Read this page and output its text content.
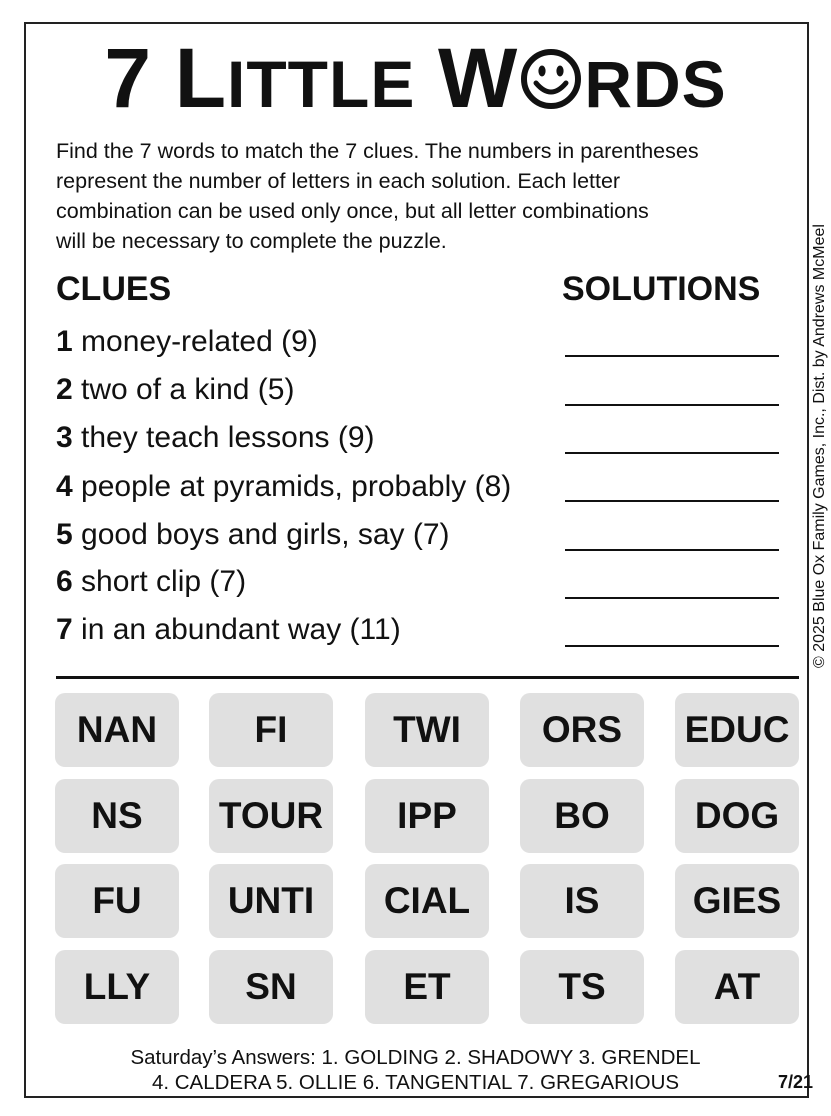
7 LITTLE W RDS
Find the 7 words to match the 7 clues. The numbers in parentheses
represent the number of letters in each solution. Each letter
combination can be used only once, but all letter combinations
will be necessary to complete the puzzle.	© 2025 Blue Ox Family Games, Inc., Dist. by Andrews McMeel
CLUES	SOLUTIONS
1 money-related (9)
2 two of a kind (5)
3 they teach lessons (9)
4 people at pyramids, probably (8)
5 good boys and girls, say (7)
6 short clip (7)
7 in an abundant way (11)
NAN	FI	TWI	ORS	EDUC
NS	TOUR	IPP	BO	DOG
FU	UNTI	CIAL	IS	GIES
LLY	SN	ET	TS	AT
Saturday’s Answers: 1. GOLDING 2. SHADOWY 3. GRENDEL
4. CALDERA 5. OLLIE 6. TANGENTIAL 7. GREGARIOUS	7/21
